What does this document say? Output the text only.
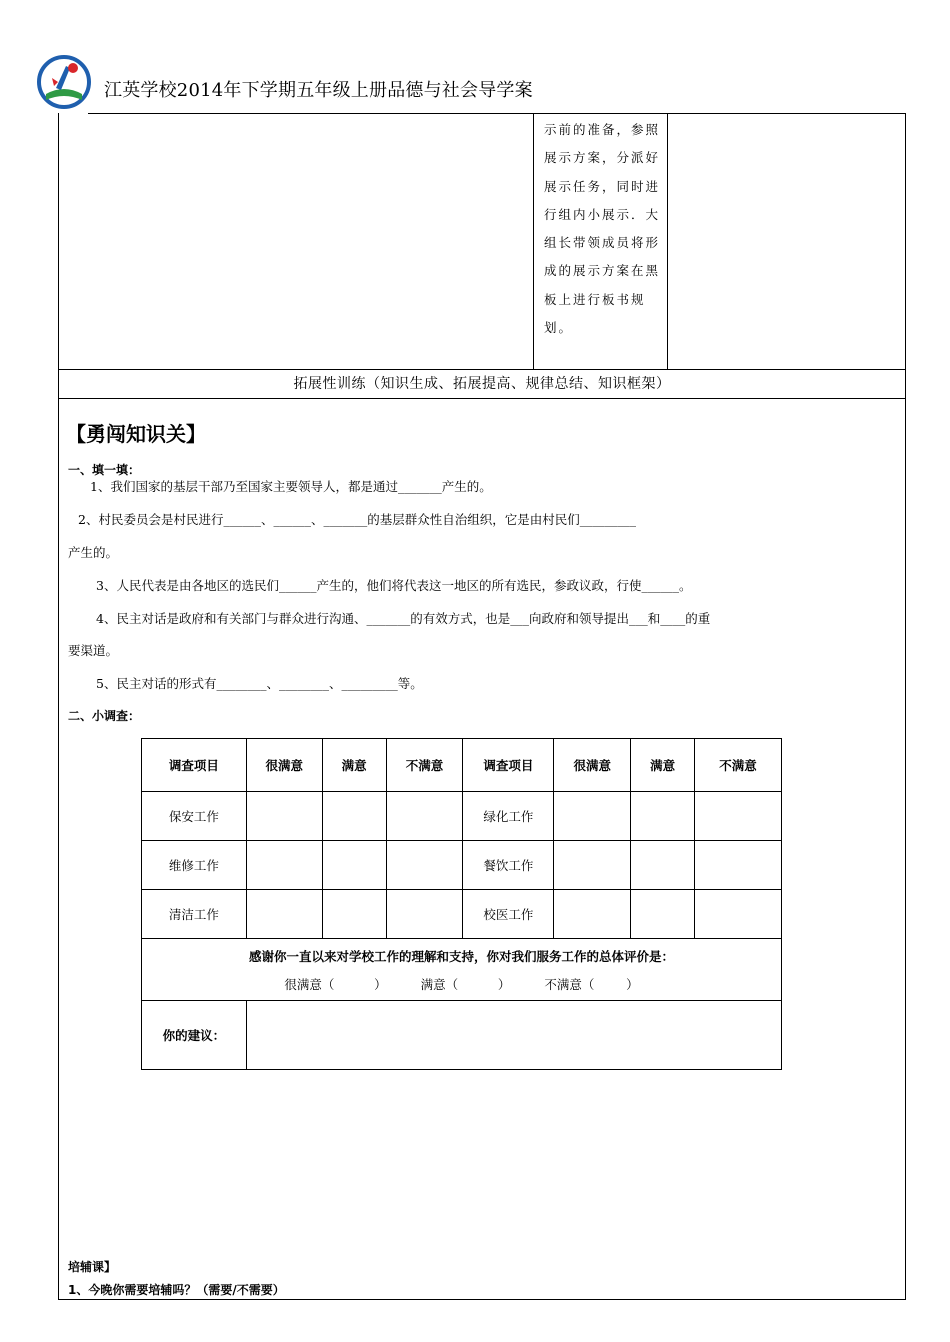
江英学校2014年下学期五年级上册品德与社会导学案
示前的准备，参照
展示方案，分派好
展示任务，同时进
行组内小展示．大
组长带领成员将形
成的展示方案在黑
板上进行板书规
划。
拓展性训练（知识生成、拓展提高、规律总结、知识框架）
【勇闯知识关】
一、填一填：
1、我们国家的基层干部乃至国家主要领导人，都是通过_______产生的。
2、村民委员会是村民进行______、______、_______的基层群众性自治组织，它是由村民们_________
产生的。
3、人民代表是由各地区的选民们______产生的，他们将代表这一地区的所有选民，参政议政，行使______。
4、民主对话是政府和有关部门与群众进行沟通、_______的有效方式，也是___向政府和领导提出___和____的重
要渠道。
5、民主对话的形式有________、________、_________等。
二、小调查：
调查项目	很满意	满意	不满意	调查项目	很满意	满意	不满意
保安工作				绿化工作			
维修工作				餐饮工作			
清洁工作				校医工作			

感谢你一直以来对学校工作的理解和支持，你对我们服务工作的总体评价是：
很满意（          ） 满意（          ） 不满意（        ）							

你的建议：							
培辅课】
1、今晚你需要培辅吗？（需要/不需要）
